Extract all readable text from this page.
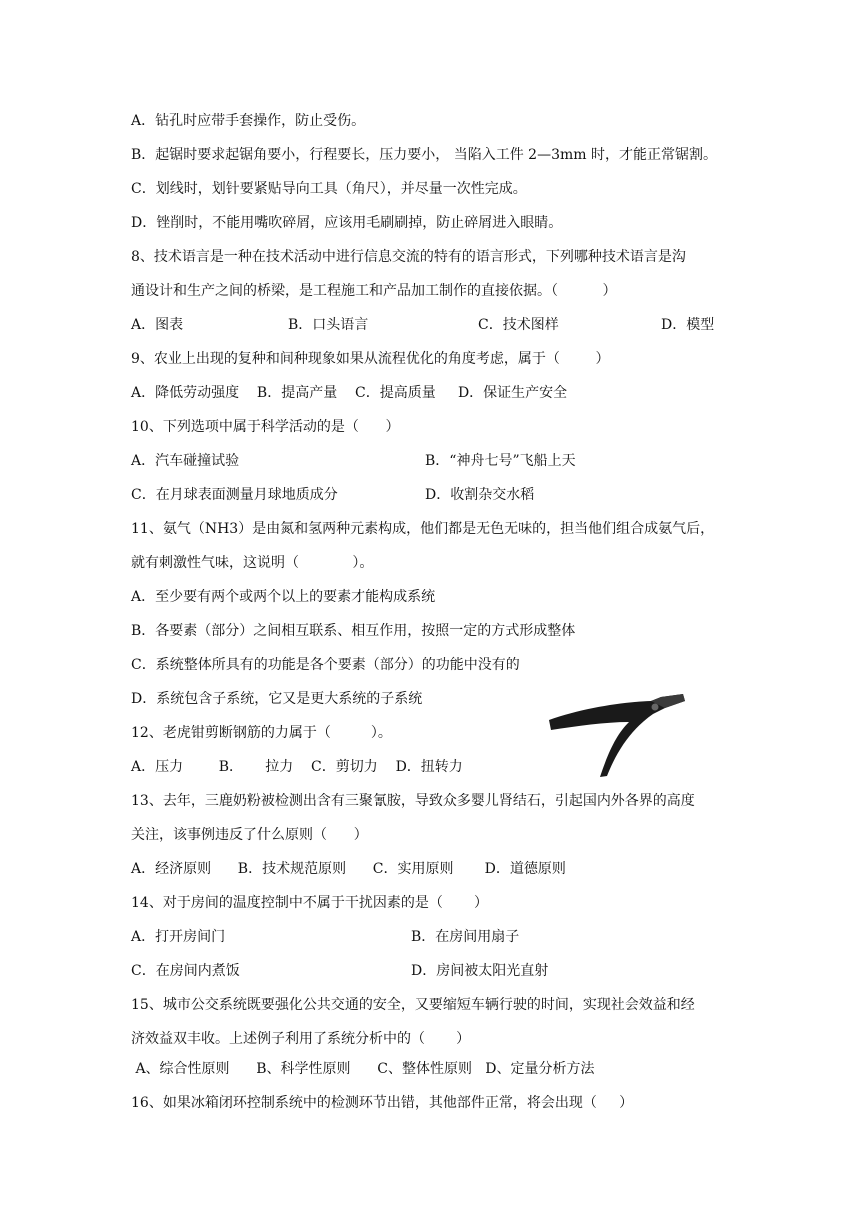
A．钻孔时应带手套操作，防止受伤。
B．起锯时要求起锯角要小，行程要长，压力要小， 当陷入工件 2—3mm 时，才能正常锯割。
C．划线时，划针要紧贴导向工具（角尺），并尽量一次性完成。
D．锉削时，不能用嘴吹碎屑，应该用毛刷刷掉，防止碎屑进入眼睛。
8、技术语言是一种在技术活动中进行信息交流的特有的语言形式，下列哪种技术语言是沟
通设计和生产之间的桥梁，是工程施工和产品加工制作的直接依据。（          ）
A．图表	B．口头语言	C．技术图样	D．模型
9、农业上出现的复种和间种现象如果从流程优化的角度考虑，属于（        ）
A．降低劳动强度    B．提高产量    C．提高质量     D．保证生产安全
10、下列选项中属于科学活动的是（      ）
A．汽车碰撞试验	B．“神舟七号”飞船上天
C．在月球表面测量月球地质成分	D．收割杂交水稻
11、氨气（NH3）是由氮和氢两种元素构成，他们都是无色无味的，担当他们组合成氨气后，
就有刺激性气味，这说明（            ）。
A．至少要有两个或两个以上的要素才能构成系统
B．各要素（部分）之间相互联系、相互作用，按照一定的方式形成整体
C．系统整体所具有的功能是各个要素（部分）的功能中没有的
D．系统包含子系统，它又是更大系统的子系统
12、老虎钳剪断钢筋的力属于（         ）。
A．压力        B．     拉力    C．剪切力    D．扭转力
13、去年，三鹿奶粉被检测出含有三聚氰胺，导致众多婴儿肾结石，引起国内外各界的高度
关注，该事例违反了什么原则（      ）
A．经济原则      B．技术规范原则      C．实用原则       D．道德原则
14、对于房间的温度控制中不属于干扰因素的是（       ）
A．打开房间门	B．在房间用扇子
C．在房间内煮饭	D．房间被太阳光直射
15、城市公交系统既要强化公共交通的安全，又要缩短车辆行驶的时间，实现社会效益和经
济效益双丰收。上述例子利用了系统分析中的（       ）
A、综合性原则      B、科学性原则      C、整体性原则   D、定量分析方法
16、如果冰箱闭环控制系统中的检测环节出错，其他部件正常，将会出现（     ）
